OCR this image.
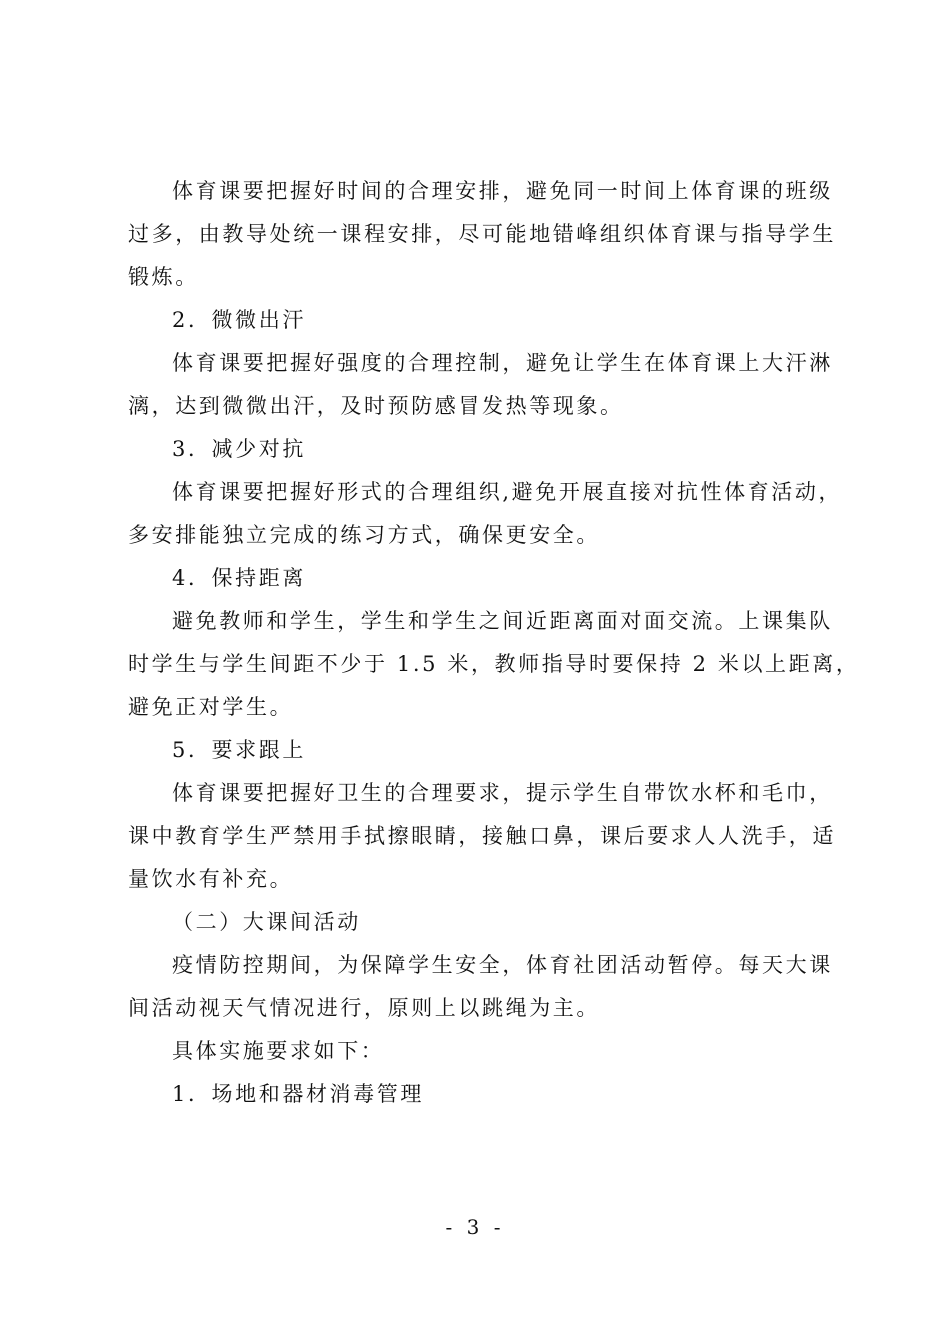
体育课要把握好时间的合理安排，避免同一时间上体育课的班级
过多，由教导处统一课程安排，尽可能地错峰组织体育课与指导学生
锻炼。
2．微微出汗
体育课要把握好强度的合理控制，避免让学生在体育课上大汗淋
漓，达到微微出汗，及时预防感冒发热等现象。
3．减少对抗
体育课要把握好形式的合理组织,避免开展直接对抗性体育活动，
多安排能独立完成的练习方式，确保更安全。
4．保持距离
避免教师和学生，学生和学生之间近距离面对面交流。上课集队
时学生与学生间距不少于 1.5 米，教师指导时要保持 2 米以上距离，
避免正对学生。
5．要求跟上
体育课要把握好卫生的合理要求，提示学生自带饮水杯和毛巾，
课中教育学生严禁用手拭擦眼睛，接触口鼻，课后要求人人洗手，适
量饮水有补充。
（二）大课间活动
疫情防控期间，为保障学生安全，体育社团活动暂停。每天大课
间活动视天气情况进行，原则上以跳绳为主。
具体实施要求如下：
1．场地和器材消毒管理
- 3 -
